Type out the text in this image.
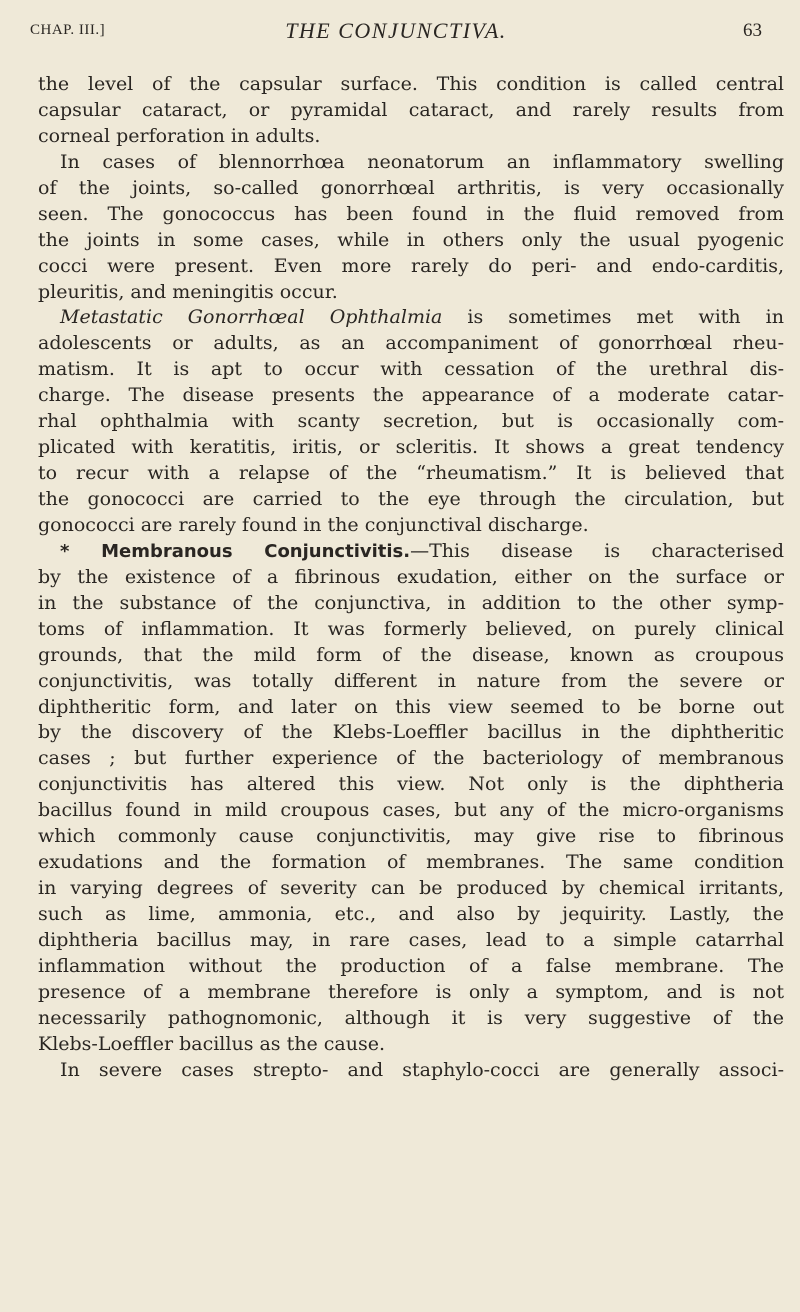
CHAP. III.]	THE CONJUNCTIVA.	63
the level of the capsular surface. This condition is called central
capsular cataract, or pyramidal cataract, and rarely results from
corneal perforation in adults.
In cases of blennorrhœa neonatorum an inflammatory swelling
of the joints, so-called gonorrhœal arthritis, is very occasionally
seen. The gonococcus has been found in the fluid removed from
the joints in some cases, while in others only the usual pyogenic
cocci were present. Even more rarely do peri- and endo-carditis,
pleuritis, and meningitis occur.
Metastatic Gonorrhœal Ophthalmia is sometimes met with in
adolescents or adults, as an accompaniment of gonorrhœal rheu-
matism. It is apt to occur with cessation of the urethral dis-
charge. The disease presents the appearance of a moderate catar-
rhal ophthalmia with scanty secretion, but is occasionally com-
plicated with keratitis, iritis, or scleritis. It shows a great tendency
to recur with a relapse of the “rheumatism.” It is believed that
the gonococci are carried to the eye through the circulation, but
gonococci are rarely found in the conjunctival discharge.
* Membranous Conjunctivitis.—This disease is characterised
by the existence of a fibrinous exudation, either on the surface or
in the substance of the conjunctiva, in addition to the other symp-
toms of inflammation. It was formerly believed, on purely clinical
grounds, that the mild form of the disease, known as croupous
conjunctivitis, was totally different in nature from the severe or
diphtheritic form, and later on this view seemed to be borne out
by the discovery of the Klebs-Loeffler bacillus in the diphtheritic
cases ; but further experience of the bacteriology of membranous
conjunctivitis has altered this view. Not only is the diphtheria
bacillus found in mild croupous cases, but any of the micro-organisms
which commonly cause conjunctivitis, may give rise to fibrinous
exudations and the formation of membranes. The same condition
in varying degrees of severity can be produced by chemical irritants,
such as lime, ammonia, etc., and also by jequirity. Lastly, the
diphtheria bacillus may, in rare cases, lead to a simple catarrhal
inflammation without the production of a false membrane. The
presence of a membrane therefore is only a symptom, and is not
necessarily pathognomonic, although it is very suggestive of the
Klebs-Loeffler bacillus as the cause.
In severe cases strepto- and staphylo-cocci are generally associ-
